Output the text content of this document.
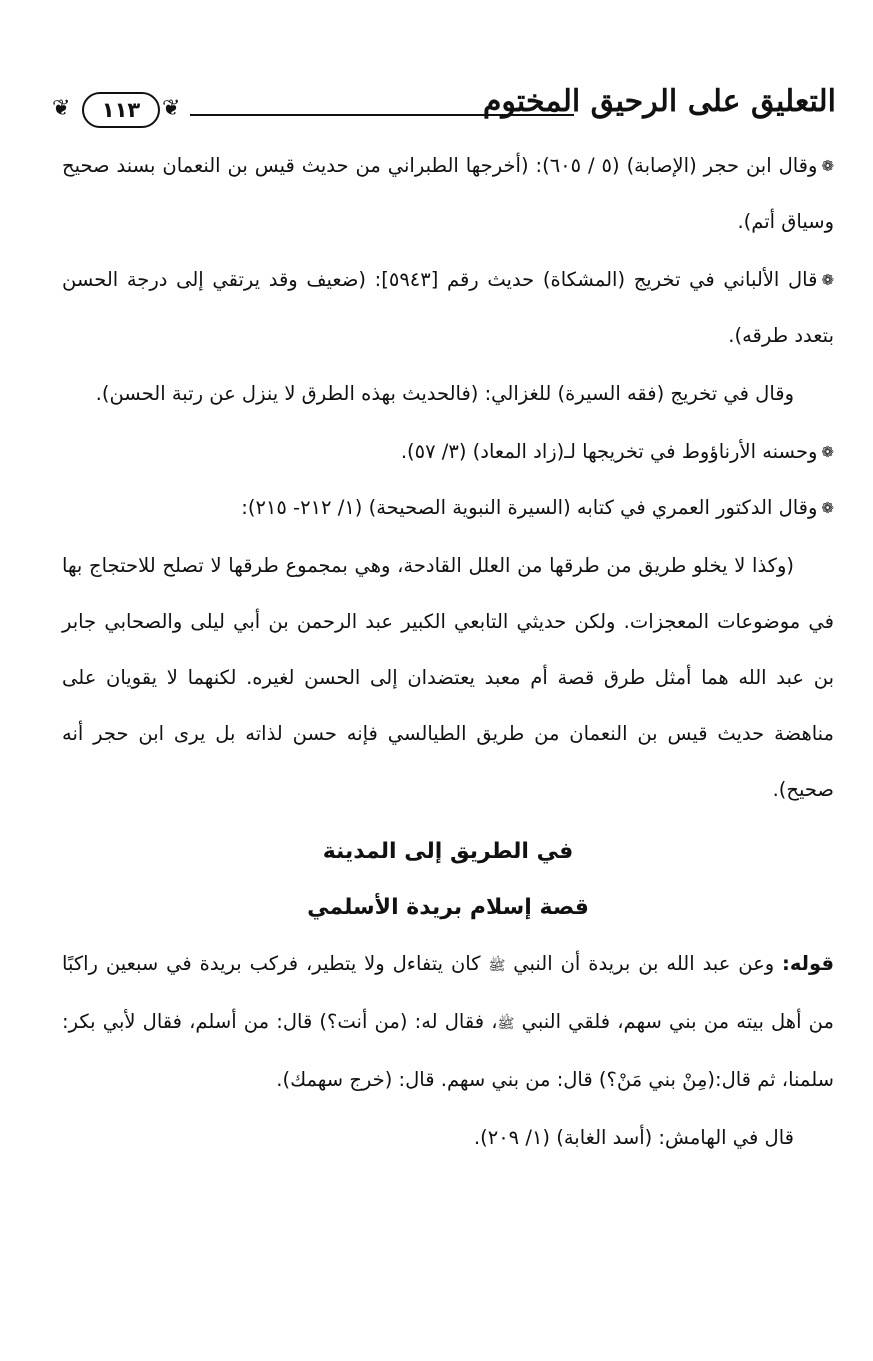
❦	١١٣ ❦	التعليق على الرحيق المختوم

❁وقال ابن حجر (الإصابة) (٥ / ٦٠٥): (أخرجها الطبراني من حديث قيس بن النعمان بسند صحيح وسياق أتم).

❁قال الألباني في تخريج (المشكاة) حديث رقم [٥٩٤٣]: (ضعيف وقد يرتقي إلى درجة الحسن بتعدد طرقه).

وقال في تخريج (فقه السيرة) للغزالي: (فالحديث بهذه الطرق لا ينزل عن رتبة الحسن).

❁وحسنه الأرناؤوط في تخريجها لـ(زاد المعاد) (٣/ ٥٧).

❁وقال الدكتور العمري في كتابه (السيرة النبوية الصحيحة) (١/ ٢١٢- ٢١٥):

(وكذا لا يخلو طريق من طرقها من العلل القادحة، وهي بمجموع طرقها لا تصلح للاحتجاج بها في موضوعات المعجزات. ولكن حديثي التابعي الكبير عبد الرحمن بن أبي ليلى والصحابي جابر بن عبد الله هما أمثل طرق قصة أم معبد يعتضدان إلى الحسن لغيره. لكنهما لا يقويان على مناهضة حديث قيس بن النعمان من طريق الطيالسي فإنه حسن لذاته بل يرى ابن حجر أنه صحيح).

في الطريق إلى المدينة
قصة إسلام بريدة الأسلمي

قوله: وعن عبد الله بن بريدة أن النبي ﷺ كان يتفاءل ولا يتطير، فركب بريدة في سبعين راكبًا من أهل بيته من بني سهم، فلقي النبي ﷺ، فقال له: (من أنت؟) قال: من أسلم، فقال لأبي بكر: سلمنا، ثم قال:(مِنْ بني مَنْ؟) قال: من بني سهم. قال: (خرج سهمك).

قال في الهامش: (أسد الغابة) (١/ ٢٠٩).
